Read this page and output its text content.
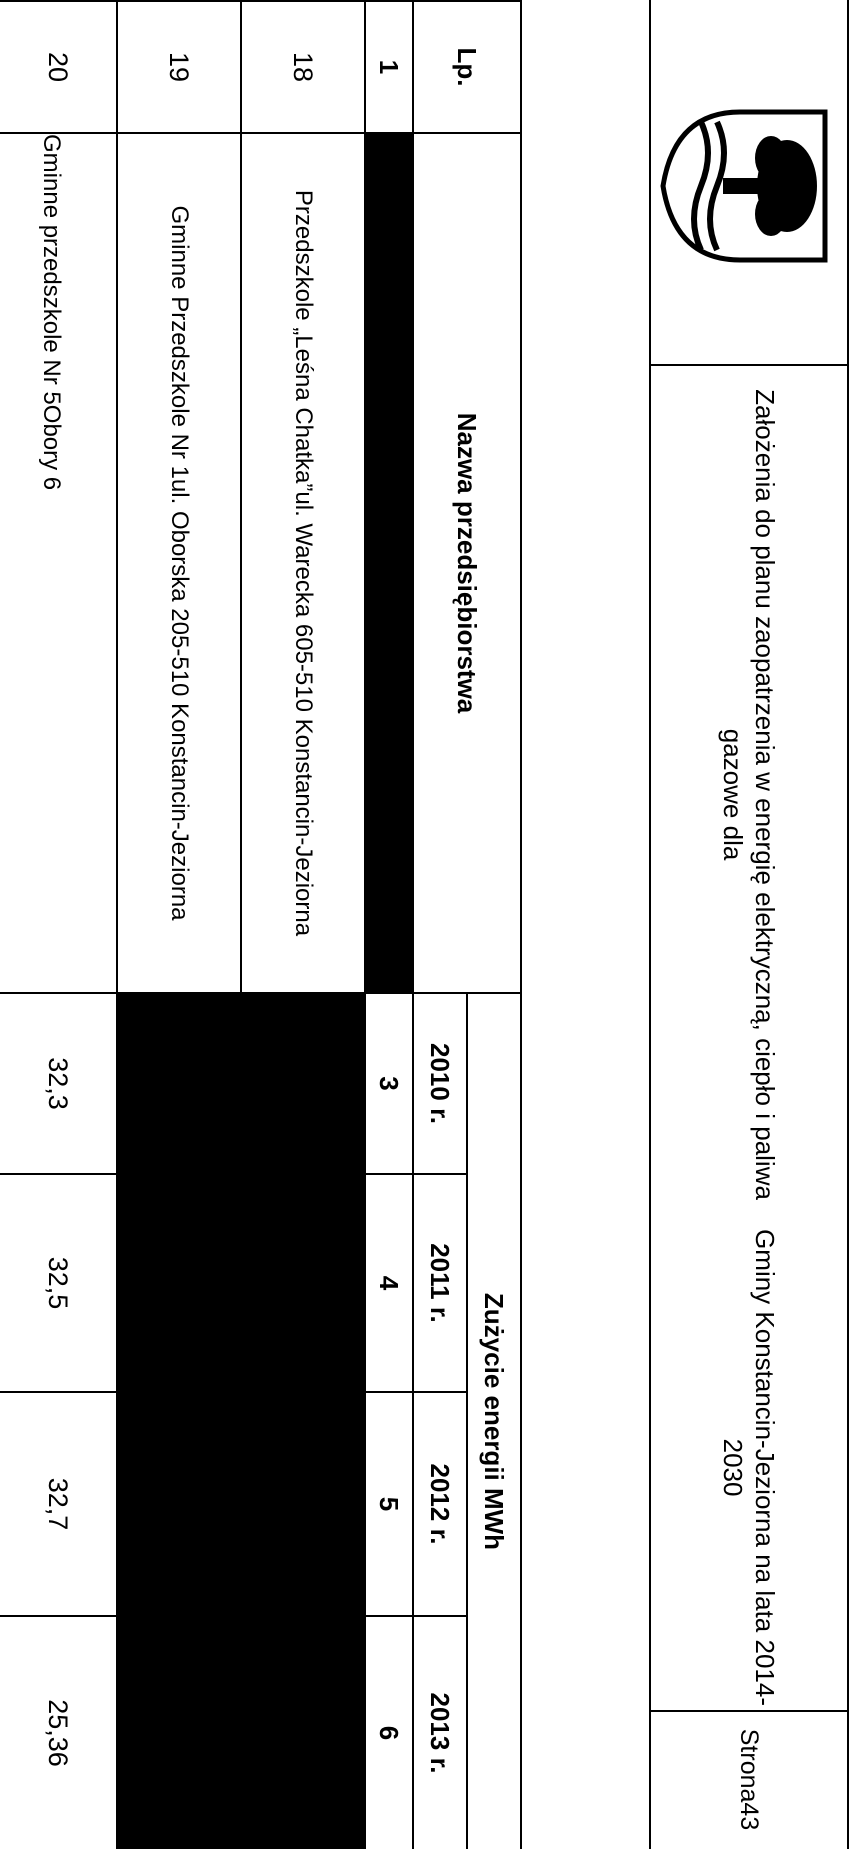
Założenia do planu zaopatrzenia w energię elektryczną, ciepło i paliwa gazowe dla
Gminy Konstancin-Jeziorna na lata 2014-2030
Strona
43
Lp.
Nazwa przedsiębiorstwa
Zużycie energii MWh
2010 r.
2011 r.
2012 r.
2013 r.
1
3
4
5
6
18
Przedszkole „Leśna Chatka”
ul. Warecka 6
05-510 Konstancin-Jeziorna
19
Gminne Przedszkole Nr 1
ul. Oborska 2
05-510 Konstancin-Jeziorna
20
Gminne przedszkole Nr 5
Obory 6
32,3
32,5
32,7
25,36
